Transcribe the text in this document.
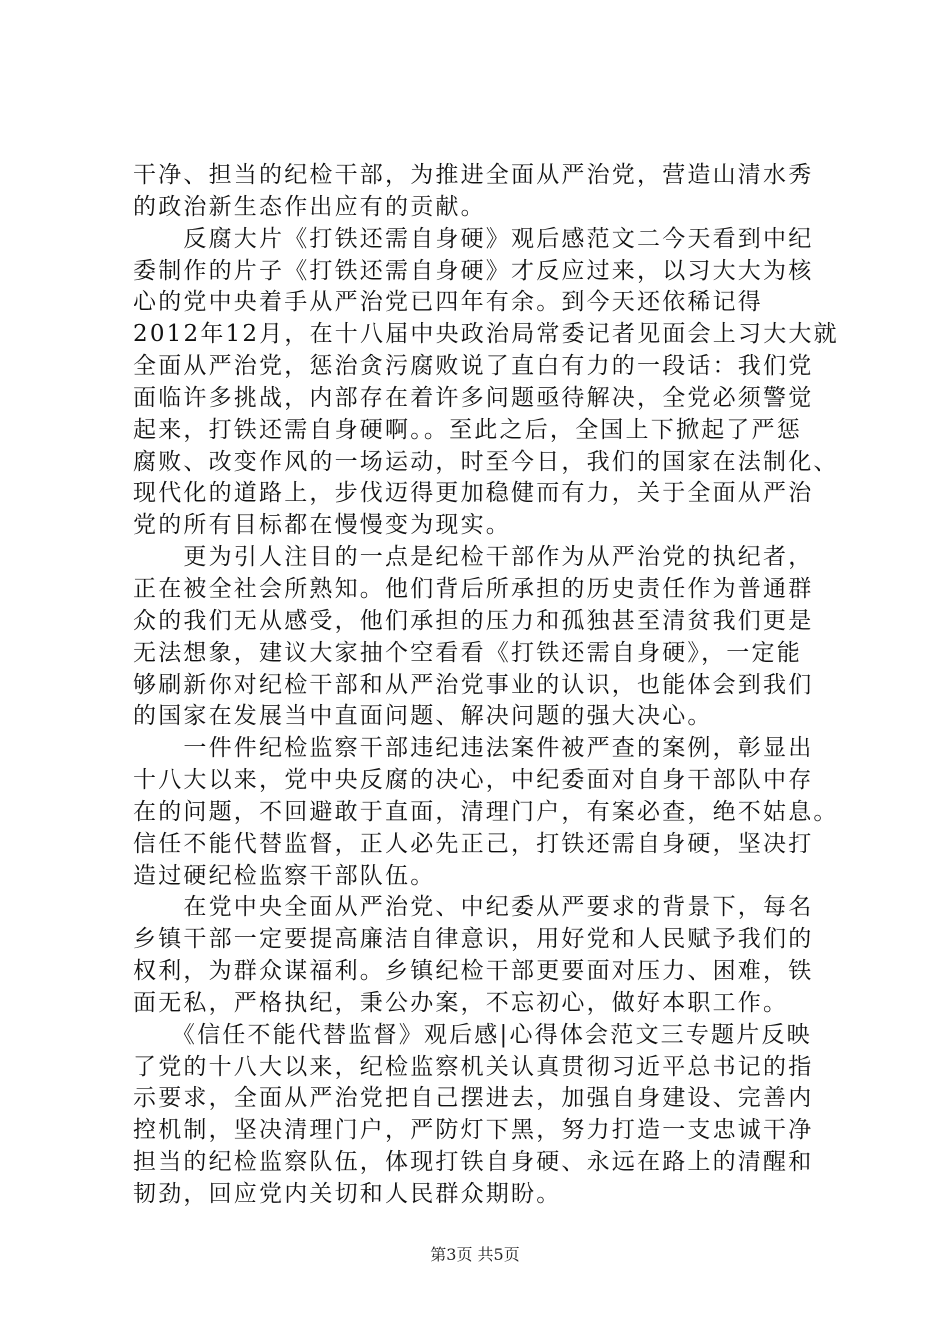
干净、担当的纪检干部，为推进全面从严治党，营造山清水秀
的政治新生态作出应有的贡献。
　　反腐大片《打铁还需自身硬》观后感范文二今天看到中纪
委制作的片子《打铁还需自身硬》才反应过来，以习大大为核
心的党中央着手从严治党已四年有余。到今天还依稀记得
2012年12月，在十八届中央政治局常委记者见面会上习大大就
全面从严治党，惩治贪污腐败说了直白有力的一段话：我们党
面临许多挑战，内部存在着许多问题亟待解决，全党必须警觉
起来，打铁还需自身硬啊。。至此之后，全国上下掀起了严惩
腐败、改变作风的一场运动，时至今日，我们的国家在法制化、
现代化的道路上，步伐迈得更加稳健而有力，关于全面从严治
党的所有目标都在慢慢变为现实。
　　更为引人注目的一点是纪检干部作为从严治党的执纪者，
正在被全社会所熟知。他们背后所承担的历史责任作为普通群
众的我们无从感受，他们承担的压力和孤独甚至清贫我们更是
无法想象，建议大家抽个空看看《打铁还需自身硬》，一定能
够刷新你对纪检干部和从严治党事业的认识，也能体会到我们
的国家在发展当中直面问题、解决问题的强大决心。
　　一件件纪检监察干部违纪违法案件被严查的案例，彰显出
十八大以来，党中央反腐的决心，中纪委面对自身干部队中存
在的问题，不回避敢于直面，清理门户，有案必查，绝不姑息。
信任不能代替监督，正人必先正己，打铁还需自身硬，坚决打
造过硬纪检监察干部队伍。
　　在党中央全面从严治党、中纪委从严要求的背景下，每名
乡镇干部一定要提高廉洁自律意识，用好党和人民赋予我们的
权利，为群众谋福利。乡镇纪检干部更要面对压力、困难，铁
面无私，严格执纪，秉公办案，不忘初心，做好本职工作。
　　《信任不能代替监督》观后感|心得体会范文三专题片反映
了党的十八大以来，纪检监察机关认真贯彻习近平总书记的指
示要求，全面从严治党把自己摆进去，加强自身建设、完善内
控机制，坚决清理门户，严防灯下黑，努力打造一支忠诚干净
担当的纪检监察队伍，体现打铁自身硬、永远在路上的清醒和
韧劲，回应党内关切和人民群众期盼。
第3页 共5页
